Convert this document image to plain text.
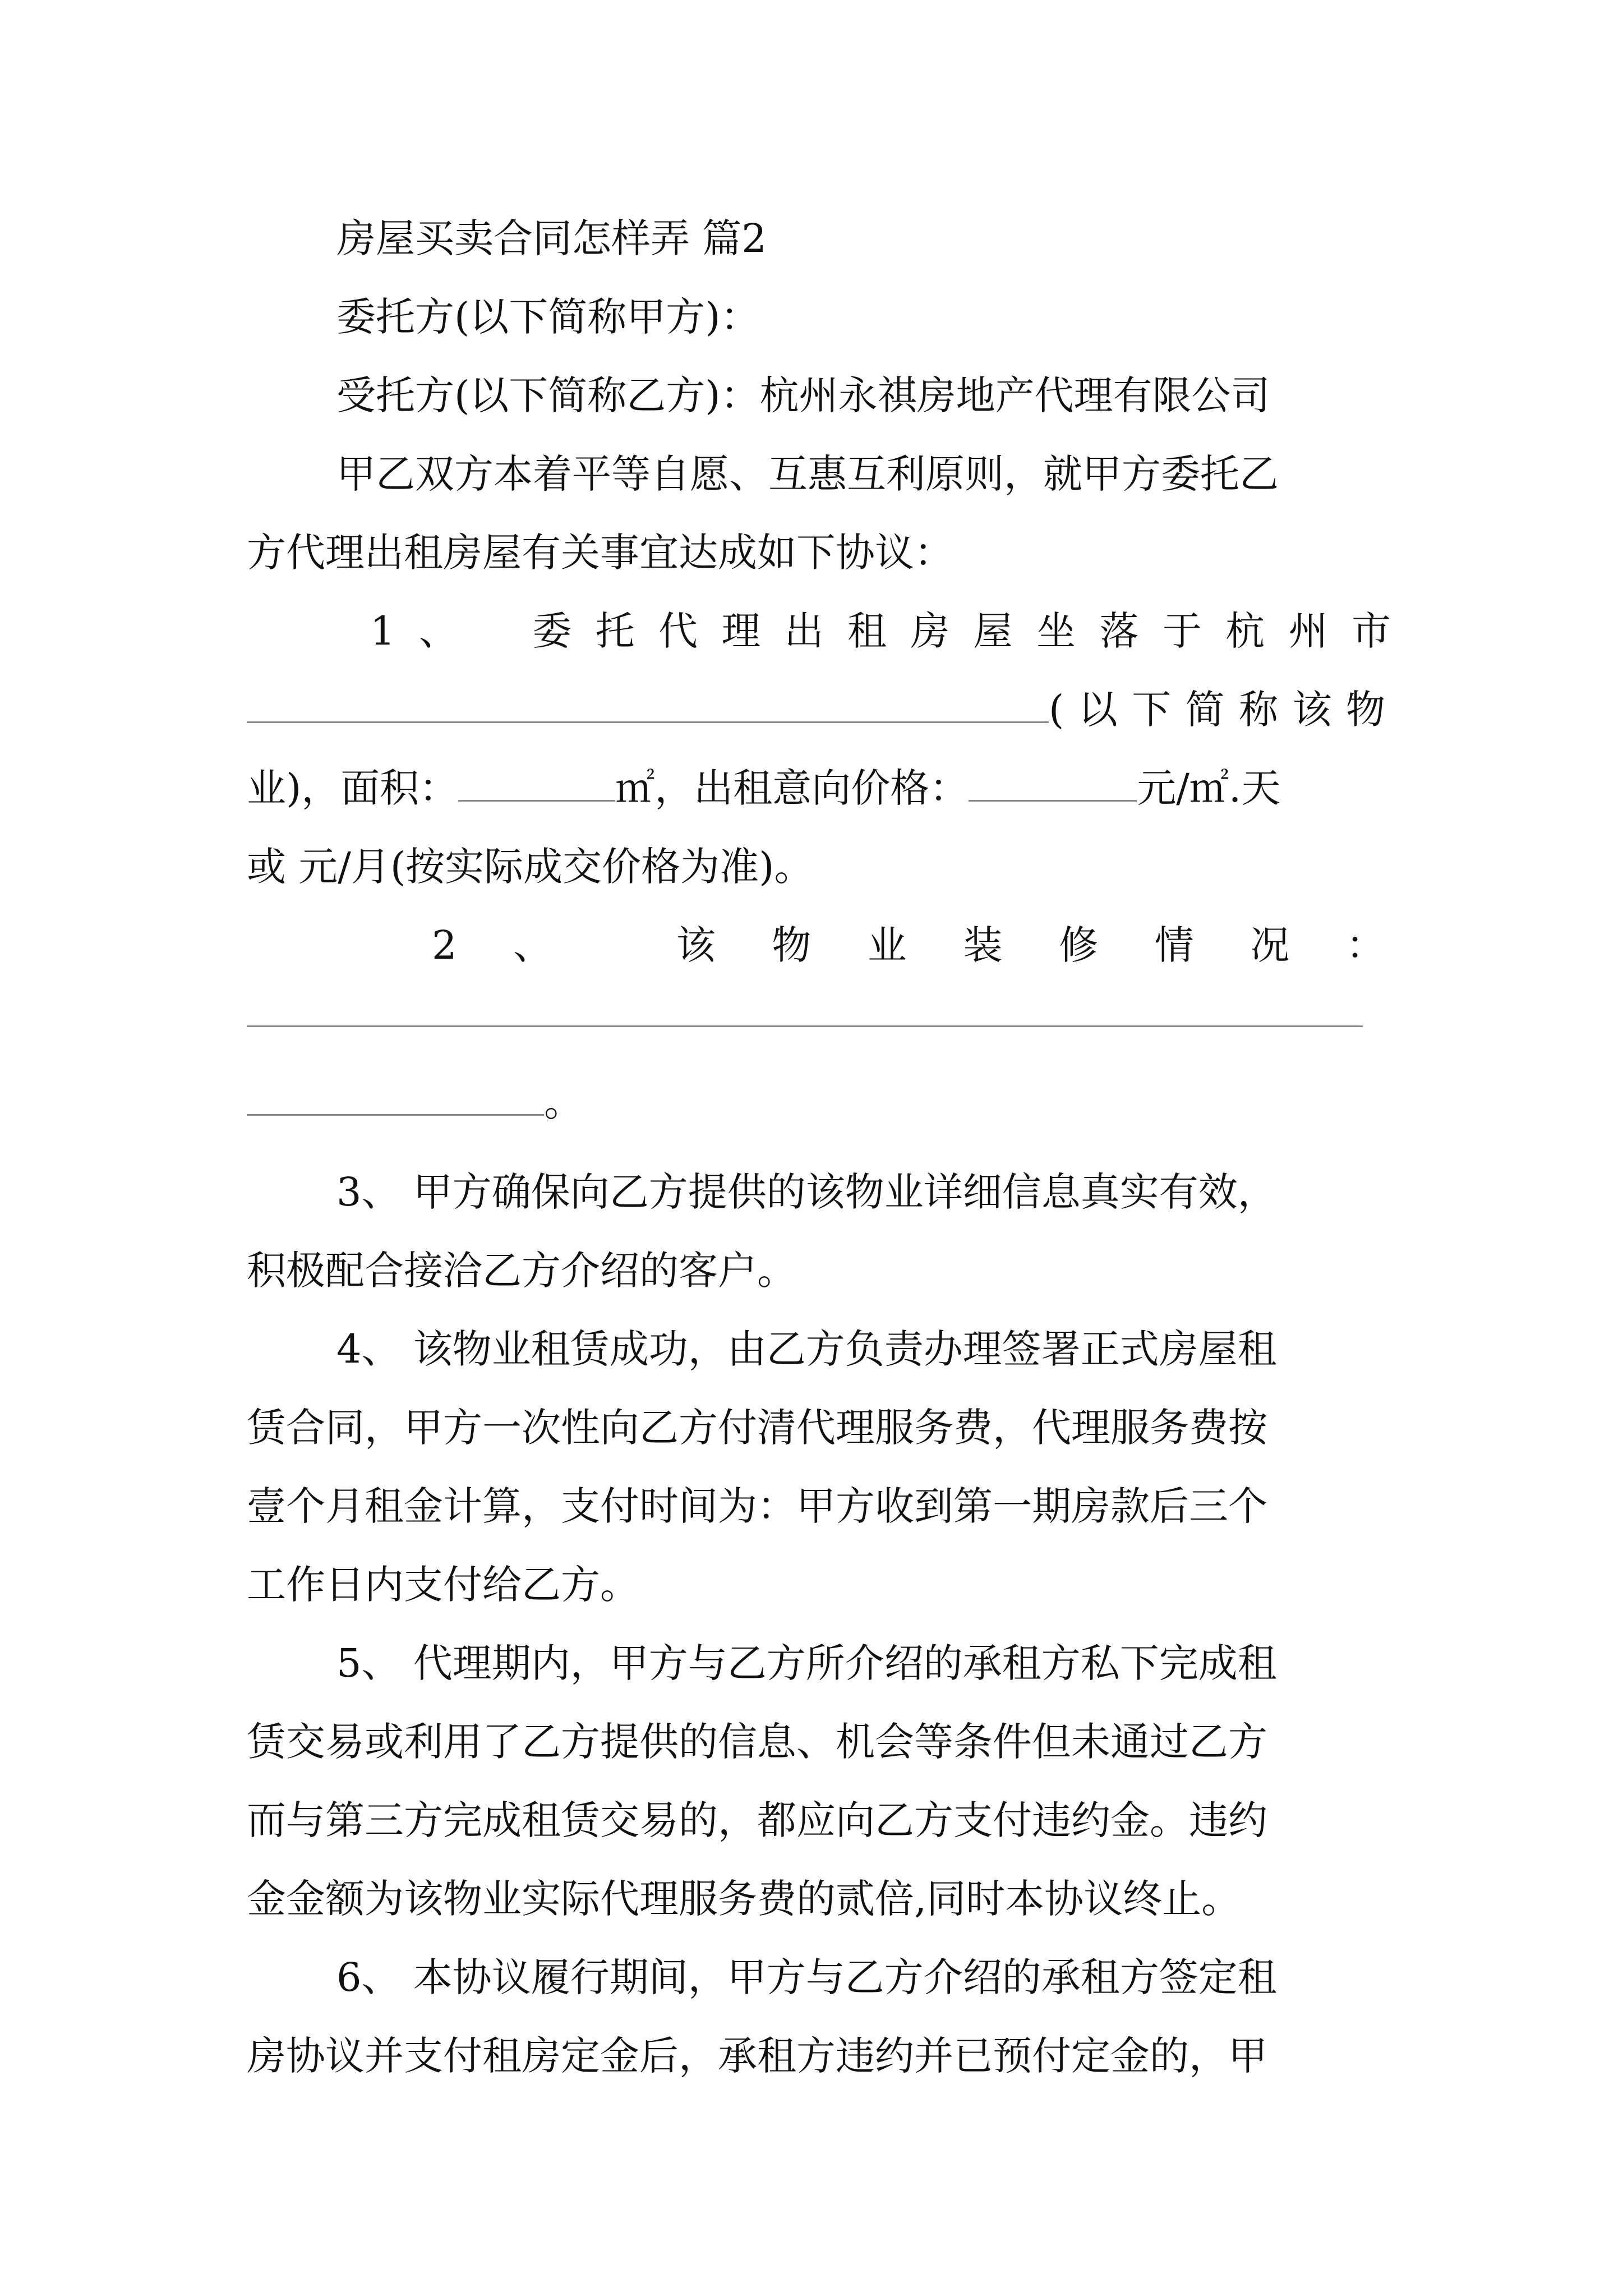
房屋买卖合同怎样弄 篇2
委托方(以下简称甲方)：
受托方(以下简称乙方)：杭州永祺房地产代理有限公司
甲乙双方本着平等自愿、互惠互利原则，就甲方委托乙
方代理出租房屋有关事宜达成如下协议：
1 、 委 托 代 理 出 租 房 屋 坐 落 于 杭 州 市
( 以 下 简 称 该 物
业)，面积：	㎡，出租意向价格：	元/㎡.天
或 元/月(按实际成交价格为准)。
2 、	该 物 业 装 修 情 况 ：
。
3、 甲方确保向乙方提供的该物业详细信息真实有效，
积极配合接洽乙方介绍的客户。
4、 该物业租赁成功，由乙方负责办理签署正式房屋租
赁合同，甲方一次性向乙方付清代理服务费，代理服务费按
壹个月租金计算，支付时间为：甲方收到第一期房款后三个
工作日内支付给乙方。
5、 代理期内，甲方与乙方所介绍的承租方私下完成租
赁交易或利用了乙方提供的信息、机会等条件但未通过乙方
而与第三方完成租赁交易的，都应向乙方支付违约金。违约
金金额为该物业实际代理服务费的贰倍,同时本协议终止。
6、 本协议履行期间，甲方与乙方介绍的承租方签定租
房协议并支付租房定金后，承租方违约并已预付定金的，甲
